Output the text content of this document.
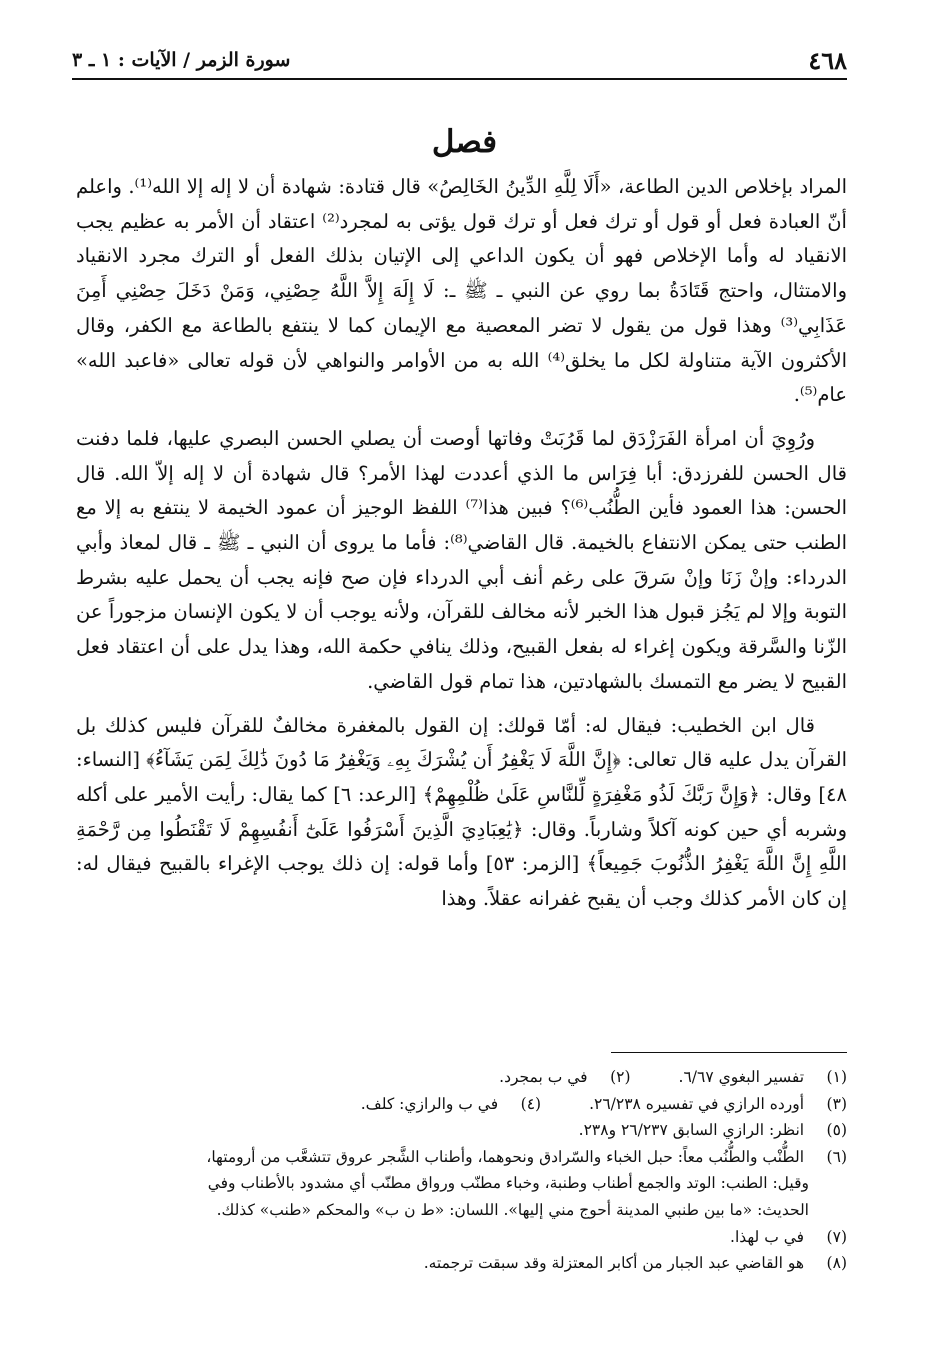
٤٦٨
سورة الزمر / الآيات : ١ ـ ٣
فصل

المراد بإخلاص الدين الطاعة، «أَلَا لِلَّهِ الدِّينُ الخَالِصُ» قال قتادة: شهادة أن لا إله إلا الله⁽¹⁾. واعلم أنّ العبادة فعل أو قول أو ترك فعل أو ترك قول يؤتى به لمجرد⁽²⁾ اعتقاد أن الأمر به عظيم يجب الانقياد له وأما الإخلاص فهو أن يكون الداعي إلى الإتيان بذلك الفعل أو الترك مجرد الانقياد والامتثال، واحتج قَتَادَةُ بما روي عن النبي ـ ﷺ ـ: لَا إِلَهَ إِلاَّ اللَّهُ حِصْنِي، وَمَنْ دَخَلَ حِصْنِي أَمِنَ عَذَابِي⁽³⁾ وهذا قول من يقول لا تضر المعصية مع الإيمان كما لا ينتفع بالطاعة مع الكفر، وقال الأكثرون الآية متناولة لكل ما يخلق⁽⁴⁾ الله به من الأوامر والنواهي لأن قوله تعالى «فاعبد الله» عام⁽⁵⁾.

ورُوِيَ أن امرأة الفَرَزْدَق لما قَرُبَتْ وفاتها أوصت أن يصلي الحسن البصري عليها، فلما دفنت قال الحسن للفرزدق: أبا فِرَاس ما الذي أعددت لهذا الأمر؟ قال شهادة أن لا إله إلاّ الله. قال الحسن: هذا العمود فأين الطُّنُب⁽⁶⁾؟ فبين هذا⁽⁷⁾ اللفظ الوجيز أن عمود الخيمة لا ينتفع به إلا مع الطنب حتى يمكن الانتفاع بالخيمة. قال القاضي⁽⁸⁾: فأما ما يروى أن النبي ـ ﷺ ـ قال لمعاذ وأبي الدرداء: وإنْ زَنَا وإنْ سَرقَ على رغم أنف أبي الدرداء فإن صح فإنه يجب أن يحمل عليه بشرط التوبة وإلا لم يَجُز قبول هذا الخبر لأنه مخالف للقرآن، ولأنه يوجب أن لا يكون الإنسان مزجوراً عن الزّنا والسَّرقة ويكون إغراء له بفعل القبيح، وذلك ينافي حكمة الله، وهذا يدل على أن اعتقاد فعل القبيح لا يضر مع التمسك بالشهادتين، هذا تمام قول القاضي.

قال ابن الخطيب: فيقال له: أمّا قولك: إن القول بالمغفرة مخالفٌ للقرآن فليس كذلك بل القرآن يدل عليه قال تعالى: ﴿إِنَّ اللَّهَ لَا يَغْفِرُ أَن يُشْرَكَ بِهِۦ وَيَغْفِرُ مَا دُونَ ذَٰلِكَ لِمَن يَشَآءُ﴾ [النساء: ٤٨] وقال: ﴿وَإِنَّ رَبَّكَ لَذُو مَغْفِرَةٍ لِّلنَّاسِ عَلَىٰ ظُلْمِهِمْ﴾ [الرعد: ٦] كما يقال: رأيت الأمير على أكله وشربه أي حين كونه آكلاً وشارباً. وقال: ﴿يَٰعِبَادِيَ الَّذِينَ أَسْرَفُوا عَلَىٰٓ أَنفُسِهِمْ لَا تَقْنَطُوا مِن رَّحْمَةِ اللَّهِ إِنَّ اللَّهَ يَغْفِرُ الذُّنُوبَ جَمِيعاً﴾ [الزمر: ٥٣] وأما قوله: إن ذلك يوجب الإغراء بالقبيح فيقال له: إن كان الأمر كذلك وجب أن يقبح غفرانه عقلاً. وهذا

(١) تفسير البغوي ٦/٦٧.
(٢) في ب بمجرد.
(٣) أورده الرازي في تفسيره ٢٦/٢٣٨.
(٤) في ب والرازي: كلف.
(٥) انظر: الرازي السابق ٢٦/٢٣٧ و٢٣٨.
(٦) الطُّنْب والطُّنُب معاً: حبل الخباء والسّرادق ونحوهما، وأطناب الشَّجر عروق تتشعَّب من أرومتها،
وقيل: الطنب: الوتد والجمع أطناب وطنبة، وخباء مطنّب ورواق مطنّب أي مشدود بالأطناب وفي
الحديث: «ما بين طنبي المدينة أحوج مني إليها». اللسان: «ط ن ب» والمحكم «طنب» كذلك.
(٧) في ب لهذا.
(٨) هو القاضي عبد الجبار من أكابر المعتزلة وقد سبقت ترجمته.
